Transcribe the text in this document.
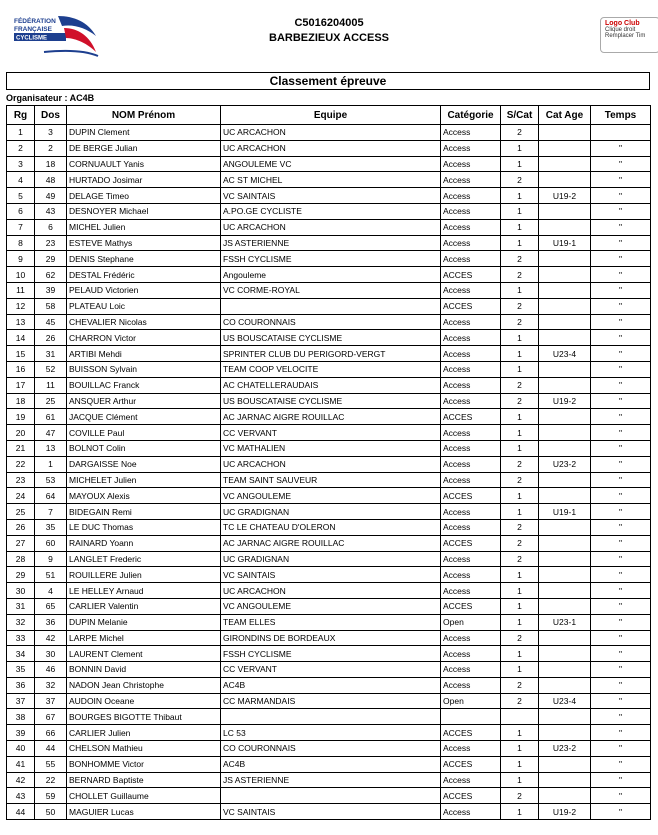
FÉDÉRATION
FRANÇAISE
CYCLISME
C5016204005
BARBEZIEUX ACCESS
Logo Club
Clique droit
Remplacer Tim
Classement épreuve
Organisateur : AC4B
Rg	Dos	NOM Prénom	Equipe	Catégorie	S/Cat	Cat Age	Temps
1	3	DUPIN Clement	UC ARCACHON	Access	2		
2	2	DE BERGE Julian	UC ARCACHON	Access	1		"
3	18	CORNUAULT Yanis	ANGOULEME VC	Access	1		"
4	48	HURTADO Josimar	AC ST MICHEL	Access	2		"
5	49	DELAGE Timeo	VC SAINTAIS	Access	1	U19-2	"
6	43	DESNOYER Michael	A.PO.GE CYCLISTE	Access	1		"
7	6	MICHEL Julien	UC ARCACHON	Access	1		"
8	23	ESTEVE Mathys	JS ASTERIENNE	Access	1	U19-1	"
9	29	DENIS Stephane	FSSH CYCLISME	Access	2		"
10	62	DESTAL Frédéric	Angouleme	ACCES	2		"
11	39	PELAUD Victorien	VC CORME-ROYAL	Access	1		"
12	58	PLATEAU Loic		ACCES	2		"
13	45	CHEVALIER Nicolas	CO COURONNAIS	Access	2		"
14	26	CHARRON Victor	US BOUSCATAISE CYCLISME	Access	1		"
15	31	ARTIBI Mehdi	SPRINTER CLUB DU PERIGORD-VERGT	Access	1	U23-4	"
16	52	BUISSON Sylvain	TEAM COOP VELOCITE	Access	1		"
17	11	BOUILLAC Franck	AC CHATELLERAUDAIS	Access	2		"
18	25	ANSQUER Arthur	US BOUSCATAISE CYCLISME	Access	2	U19-2	"
19	61	JACQUE Clément	AC JARNAC AIGRE ROUILLAC	ACCES	1		"
20	47	COVILLE Paul	CC VERVANT	Access	1		"
21	13	BOLNOT Colin	VC MATHALIEN	Access	1		"
22	1	DARGAISSE Noe	UC ARCACHON	Access	2	U23-2	"
23	53	MICHELET Julien	TEAM SAINT SAUVEUR	Access	2		"
24	64	MAYOUX Alexis	VC ANGOULEME	ACCES	1		"
25	7	BIDEGAIN Remi	UC GRADIGNAN	Access	1	U19-1	"
26	35	LE DUC Thomas	TC LE CHATEAU D'OLERON	Access	2		"
27	60	RAINARD Yoann	AC JARNAC AIGRE ROUILLAC	ACCES	2		"
28	9	LANGLET Frederic	UC GRADIGNAN	Access	2		"
29	51	ROUILLERE Julien	VC SAINTAIS	Access	1		"
30	4	LE HELLEY Arnaud	UC ARCACHON	Access	1		"
31	65	CARLIER Valentin	VC ANGOULEME	ACCES	1		"
32	36	DUPIN Melanie	TEAM ELLES	Open	1	U23-1	"
33	42	LARPE Michel	GIRONDINS DE BORDEAUX	Access	2		"
34	30	LAURENT Clement	FSSH CYCLISME	Access	1		"
35	46	BONNIN David	CC VERVANT	Access	1		"
36	32	NADON Jean Christophe	AC4B	Access	2		"
37	37	AUDOIN Oceane	CC MARMANDAIS	Open	2	U23-4	"
38	67	BOURGES BIGOTTE Thibaut					"
39	66	CARLIER Julien	LC 53	ACCES	1		"
40	44	CHELSON Mathieu	CO COURONNAIS	Access	1	U23-2	"
41	55	BONHOMME Victor	AC4B	ACCES	1		"
42	22	BERNARD Baptiste	JS ASTERIENNE	Access	1		"
43	59	CHOLLET Guillaume		ACCES	2		"
44	50	MAGUIER Lucas	VC SAINTAIS	Access	1	U19-2	"
